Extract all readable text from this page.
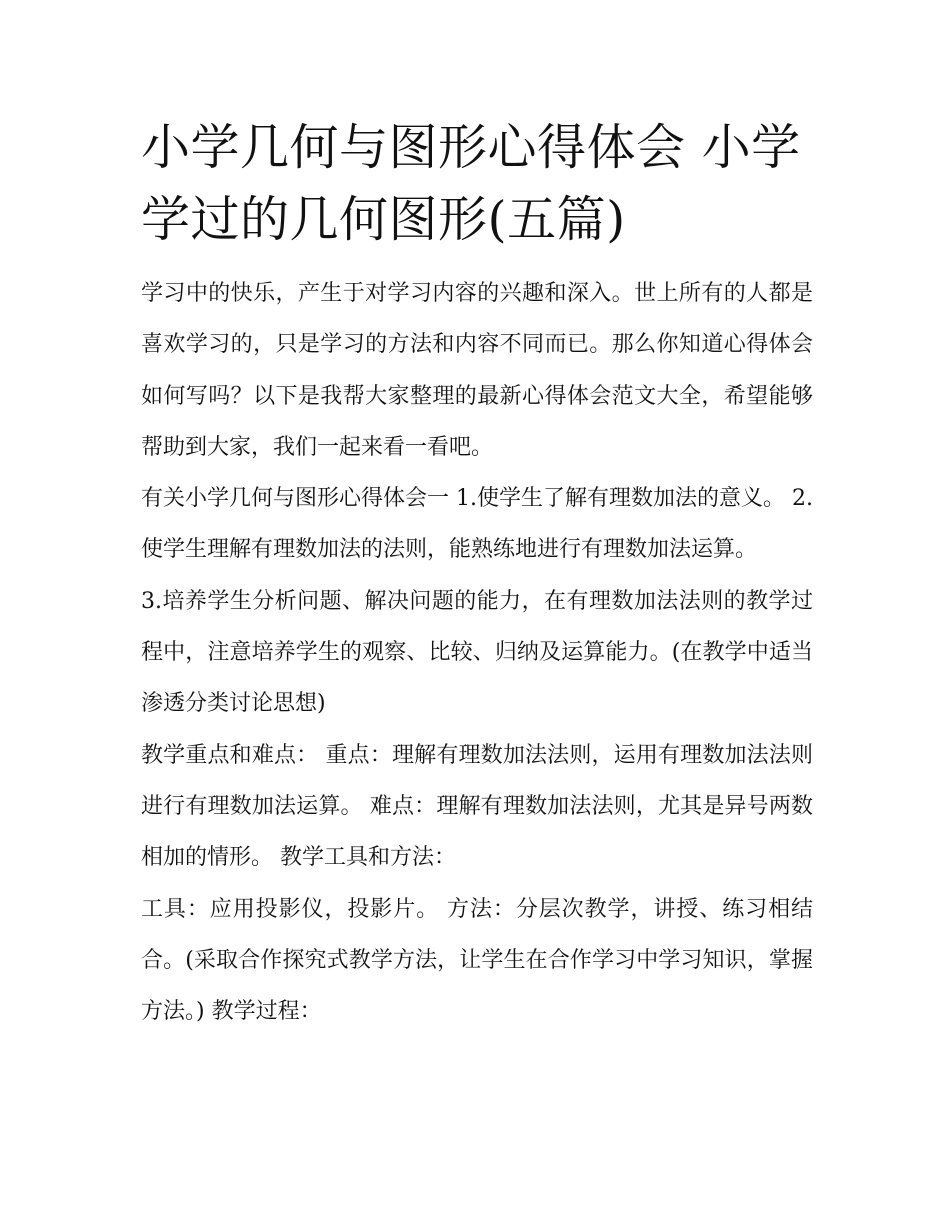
小学几何与图形心得体会 小学学过的几何图形(五篇)

学习中的快乐，产生于对学习内容的兴趣和深入。世上所有的人都是喜欢学习的，只是学习的方法和内容不同而已。那么你知道心得体会如何写吗？以下是我帮大家整理的最新心得体会范文大全，希望能够帮助到大家，我们一起来看一看吧。

有关小学几何与图形心得体会一 1.使学生了解有理数加法的意义。 2.使学生理解有理数加法的法则，能熟练地进行有理数加法运算。

3.培养学生分析问题、解决问题的能力，在有理数加法法则的教学过程中，注意培养学生的观察、比较、归纳及运算能力。(在教学中适当渗透分类讨论思想)

教学重点和难点： 重点：理解有理数加法法则，运用有理数加法法则进行有理数加法运算。 难点：理解有理数加法法则，尤其是异号两数相加的情形。 教学工具和方法：

工具：应用投影仪，投影片。 方法：分层次教学，讲授、练习相结合。(采取合作探究式教学方法，让学生在合作学习中学习知识，掌握方法。) 教学过程：
